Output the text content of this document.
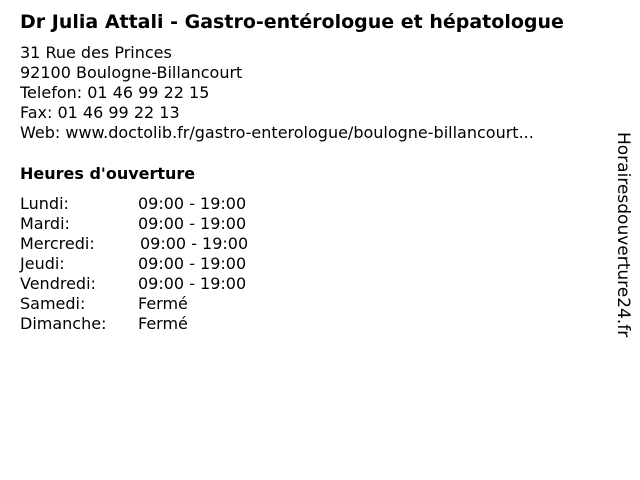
Dr Julia Attali - Gastro-entérologue et hépatologue
31 Rue des Princes
92100 Boulogne-Billancourt
Telefon: 01 46 99 22 15
Fax: 01 46 99 22 13
Web: www.doctolib.fr/gastro-enterologue/boulogne-billancourt...
Heures d'ouverture
Lundi:	09:00 - 19:00
Mardi:	09:00 - 19:00
Mercredi:	09:00 - 19:00
Jeudi:	09:00 - 19:00
Vendredi:	09:00 - 19:00
Samedi:	Fermé
Dimanche:	Fermé	Horairesdouverture24.fr
